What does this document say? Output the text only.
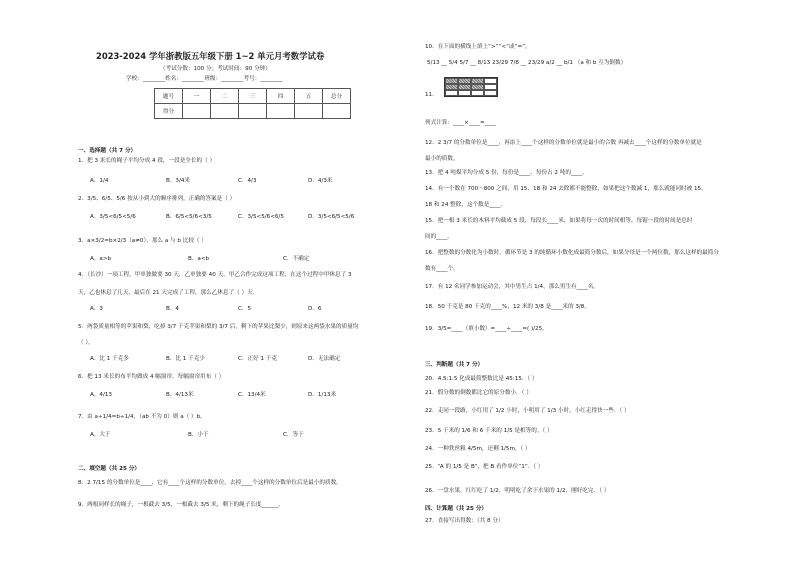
2023-2024 学年浙教版五年级下册 1~2 单元月考数学试卷
（考试分数：100 分；考试时间：90 分钟）
学校：________姓名：________班级：________考号：________
题号	一	二	三	四	五	总分
得分						
一、选择题（共 7 分）
1．把 3 米长的绳子平均分成 4 段，一段是全长的（ ）
A．1/4	B．3/4米	C．4/3	D．4/3米
2．3/5、6/5、5/6 按从小到大的顺序排列，正确的答案是（ ）
A．3/5<6/5<5/6	B．6/5<5/6<3/5	C．3/5<5/6<6/5	D．3/5<6/5<5/6
3．a×3/2=b×2/3（a≠0），那么 a 与 b 比较（ ）
A．a>b	B．a<b	C．不确定
4．（长沙）一项工程，甲单独做要 30 天，乙单独要 40 天，甲乙合作完成这项工程，在这个过程中甲休息了 3
天，乙也休息了几天，最后在 21 天完成了工程，那么乙休息了（ ）天.
A．3	B．4	C．5	D．6
5．两袋质量相等的苹果和梨，吃掉 3/7 千克苹果和梨的 3/7 后，剩下的苹果比梨少，则原来这两袋水果的质量均
（ ）。
A．比 1 千克多	B．比 1 千克少	C．正好 1 千克	D．无法确定
6．把 13 米长的布平均做成 4 幅窗帘，每幅窗帘用布（ ）
A．4/13	B．4/13米	C．13/4米	D．1/13米
7．由 a÷1/4=b÷1/4，（ab 不为 0）则 a（ ）b。
A．大于	B．小于	C．等于
二、填空题（共 25 分）
8．2 7/15 的分数单位是____，它有____个这样的分数单位，去掉____个这样的分数单位后是最小的质数。
9．两根同样长的绳子，一根截去 3/5，一根截去 3/5 米，剩下的绳子长度______。
10．在下面的横线上填上“>”“<”或“=”。
5/13 __ 5/4 5/7 __ 8/13 23/29 7/8 __ 23/29 a/2 __ b/1 （a 和 b 互为倒数）
11．
列式计算：____×____=____
12．2 3/7 的分数单位是____，再添上____个这样的分数单位就是最小的合数 再减去____个这样的分数单位就是
最小的质数。
13．把 4 吨煤平均分成 5 份，每份是____，每份占 2 吨的____。
14．有一个数在 700～800 之间，用 15、18 和 24 去除都不能整除，如果把这个数减 1，那么就能同时被 15、
18 和 24 整除，这个数是____。
15．把一根 3 米长的木料平均截成 5 段，每段长____米，如果将每一次的时间相等，每锯一段的时间是总时
间的____。
16．把整数的分数化为小数时，循环节是 3 的纯循环小数化成最简分数后，如果分母是一个两位数，那么这样的最简分
数有____个。
17．有 12 名同学参加运动会，其中男生占 1/4，那么男生有____名。
18．50 千克是 80 千克的____%，12 米的 3/8 是____米的 3/8。
19．3/5=____（填小数）=____÷____=( )/25。
三、判断题（共 7 分）
20．4.5:1.5 化成最简整数比是 45:15．（ ）
21．假分数的倒数都比它的原分数小．（ ）
22．走同一段路，小红用了 1/2 小时，小明用了 1/3 小时，小红走得快一些．（ ）
23．5 千米的 1/6 和 6 千米的 1/5 是相等的。（ ）
24．一种铁丝粗 4/5m，还剩 1/5m，（ ）
25．“A 的 1/5 是 B”，把 B 看作单位“1”．（ ）
26．一盘水果，红红吃了 1/2，明明吃了余下水果的 1/2，刚好吃完．（ ）
四、计算题（共 25 分）
27．直接写出得数：（共 8 分）
